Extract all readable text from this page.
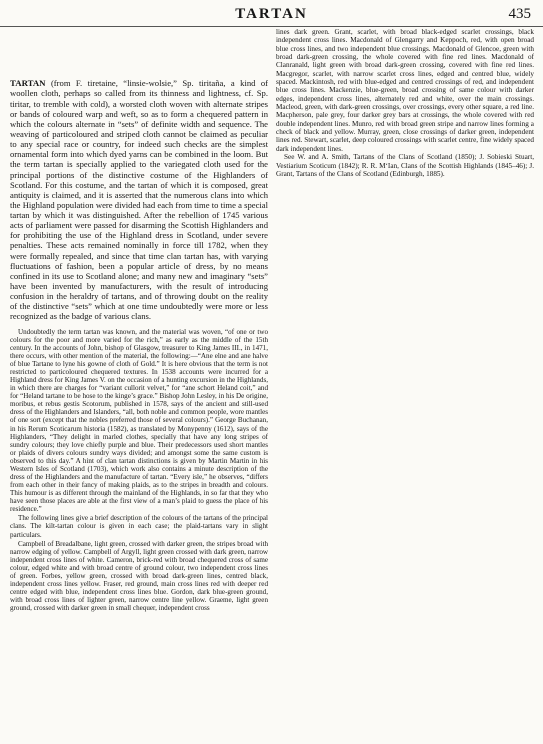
TARTAN	435

TARTAN (from F. tiretaine, “linsie-wolsie,” Sp. tiritaña, a kind of woollen cloth, perhaps so called from its thinness and lightness, cf. Sp. tiritar, to tremble with cold), a worsted cloth woven with alternate stripes or bands of coloured warp and weft, so as to form a chequered pattern in which the colours alternate in “sets” of definite width and sequence. The weaving of particoloured and striped cloth cannot be claimed as peculiar to any special race or country, for indeed such checks are the simplest ornamental form into which dyed yarns can be combined in the loom. But the term tartan is specially applied to the variegated cloth used for the principal portions of the distinctive costume of the Highlanders of Scotland. For this costume, and the tartan of which it is composed, great antiquity is claimed, and it is asserted that the numerous clans into which the Highland population were divided had each from time to time a special tartan by which it was distinguished. After the rebellion of 1745 various acts of parliament were passed for disarming the Scottish Highlanders and for prohibiting the use of the Highland dress in Scotland, under severe penalties. These acts remained nominally in force till 1782, when they were formally repealed, and since that time clan tartan has, with varying fluctuations of fashion, been a popular article of dress, by no means confined in its use to Scotland alone; and many new and imaginary “sets” have been invented by manufacturers, with the result of introducing confusion in the heraldry of tartans, and of throwing doubt on the reality of the distinctive “sets” which at one time undoubtedly were more or less recognized as the badge of various clans.

Undoubtedly the term tartan was known, and the material was woven, “of one or two colours for the poor and more varied for the rich,” as early as the middle of the 15th century. In the accounts of John, bishop of Glasgow, treasurer to King James III., in 1471, there occurs, with other mention of the material, the following:—“Ane elne and ane halve of blue Tartane to lyne his gowne of cloth of Gold.” It is here obvious that the term is not restricted to particoloured chequered textures. In 1538 accounts were incurred for a Highland dress for King James V. on the occasion of a hunting excursion in the Highlands, in which there are charges for “variant cullorit velvet,” for “ane schort Heland coit,” and for “Heland tartane to be hose to the kinge’s grace.” Bishop John Lesley, in his De origine, moribus, et rebus gestis Scotorum, published in 1578, says of the ancient and still-used dress of the Highlanders and Islanders, “all, both noble and common people, wore mantles of one sort (except that the nobles preferred those of several colours).” George Buchanan, in his Rerum Scoticarum historia (1582), as translated by Monypenny (1612), says of the Highlanders, “They delight in marled clothes, specially that have any long stripes of sundry colours; they love chiefly purple and blue. Their predecessors used short mantles or plaids of divers colours sundry ways divided; and amongst some the same custom is observed to this day.” A hint of clan tartan distinctions is given by Martin Martin in his Western Isles of Scotland (1703), which work also contains a minute description of the dress of the Highlanders and the manufacture of tartan. “Every isle,” he observes, “differs from each other in their fancy of making plaids, as to the stripes in breadth and colours. This humour is as different through the mainland of the Highlands, in so far that they who have seen those places are able at the first view of a man’s plaid to guess the place of his residence.”

The following lines give a brief description of the colours of the tartans of the principal clans. The kilt-tartan colour is given in each case; the plaid-tartans vary in slight particulars.

Campbell of Breadalbane, light green, crossed with darker green, the stripes broad with narrow edging of yellow. Campbell of Argyll, light green crossed with dark green, narrow independent cross lines of white. Cameron, brick-red with broad chequered cross of same colour, edged white and with broad centre of ground colour, two independent cross lines of green. Forbes, yellow green, crossed with broad dark-green lines, centred black, independent cross lines yellow. Fraser, red ground, main cross lines red with deeper red centre edged with blue, independent cross lines blue. Gordon, dark blue-green ground, with broad cross lines of lighter green, narrow centre line yellow. Graeme, light green ground, crossed with darker green in small chequer, independent cross

lines dark green. Grant, scarlet, with broad black-edged scarlet crossings, black independent cross lines. Macdonald of Glengarry and Keppoch, red, with open broad blue cross lines, and two independent blue crossings. Macdonald of Glencoe, green with broad dark-green crossing, the whole covered with fine red lines. Macdonald of Clanranald, light green with broad dark-green crossing, covered with fine red lines. Macgregor, scarlet, with narrow scarlet cross lines, edged and centred blue, widely spaced. Mackintosh, red with blue-edged and centred crossings of red, and independent blue cross lines. Mackenzie, blue-green, broad crossing of same colour with darker edges, independent cross lines, alternately red and white, over the main crossings. Macleod, green, with dark-green crossings, over crossings, every other square, a red line. Macpherson, pale grey, four darker grey bars at crossings, the whole covered with red double independent lines. Munro, red with broad green stripe and narrow lines forming a check of black and yellow. Murray, green, close crossings of darker green, independent lines red. Stewart, scarlet, deep coloured crossings with scarlet centre, fine widely spaced dark independent lines.

See W. and A. Smith, Tartans of the Clans of Scotland (1850); J. Sobieski Stuart, Vestiarium Scoticum (1842); R. R. M‘Ian, Clans of the Scottish Highlands (1845–46); J. Grant, Tartans of the Clans of Scotland (Edinburgh, 1885).
